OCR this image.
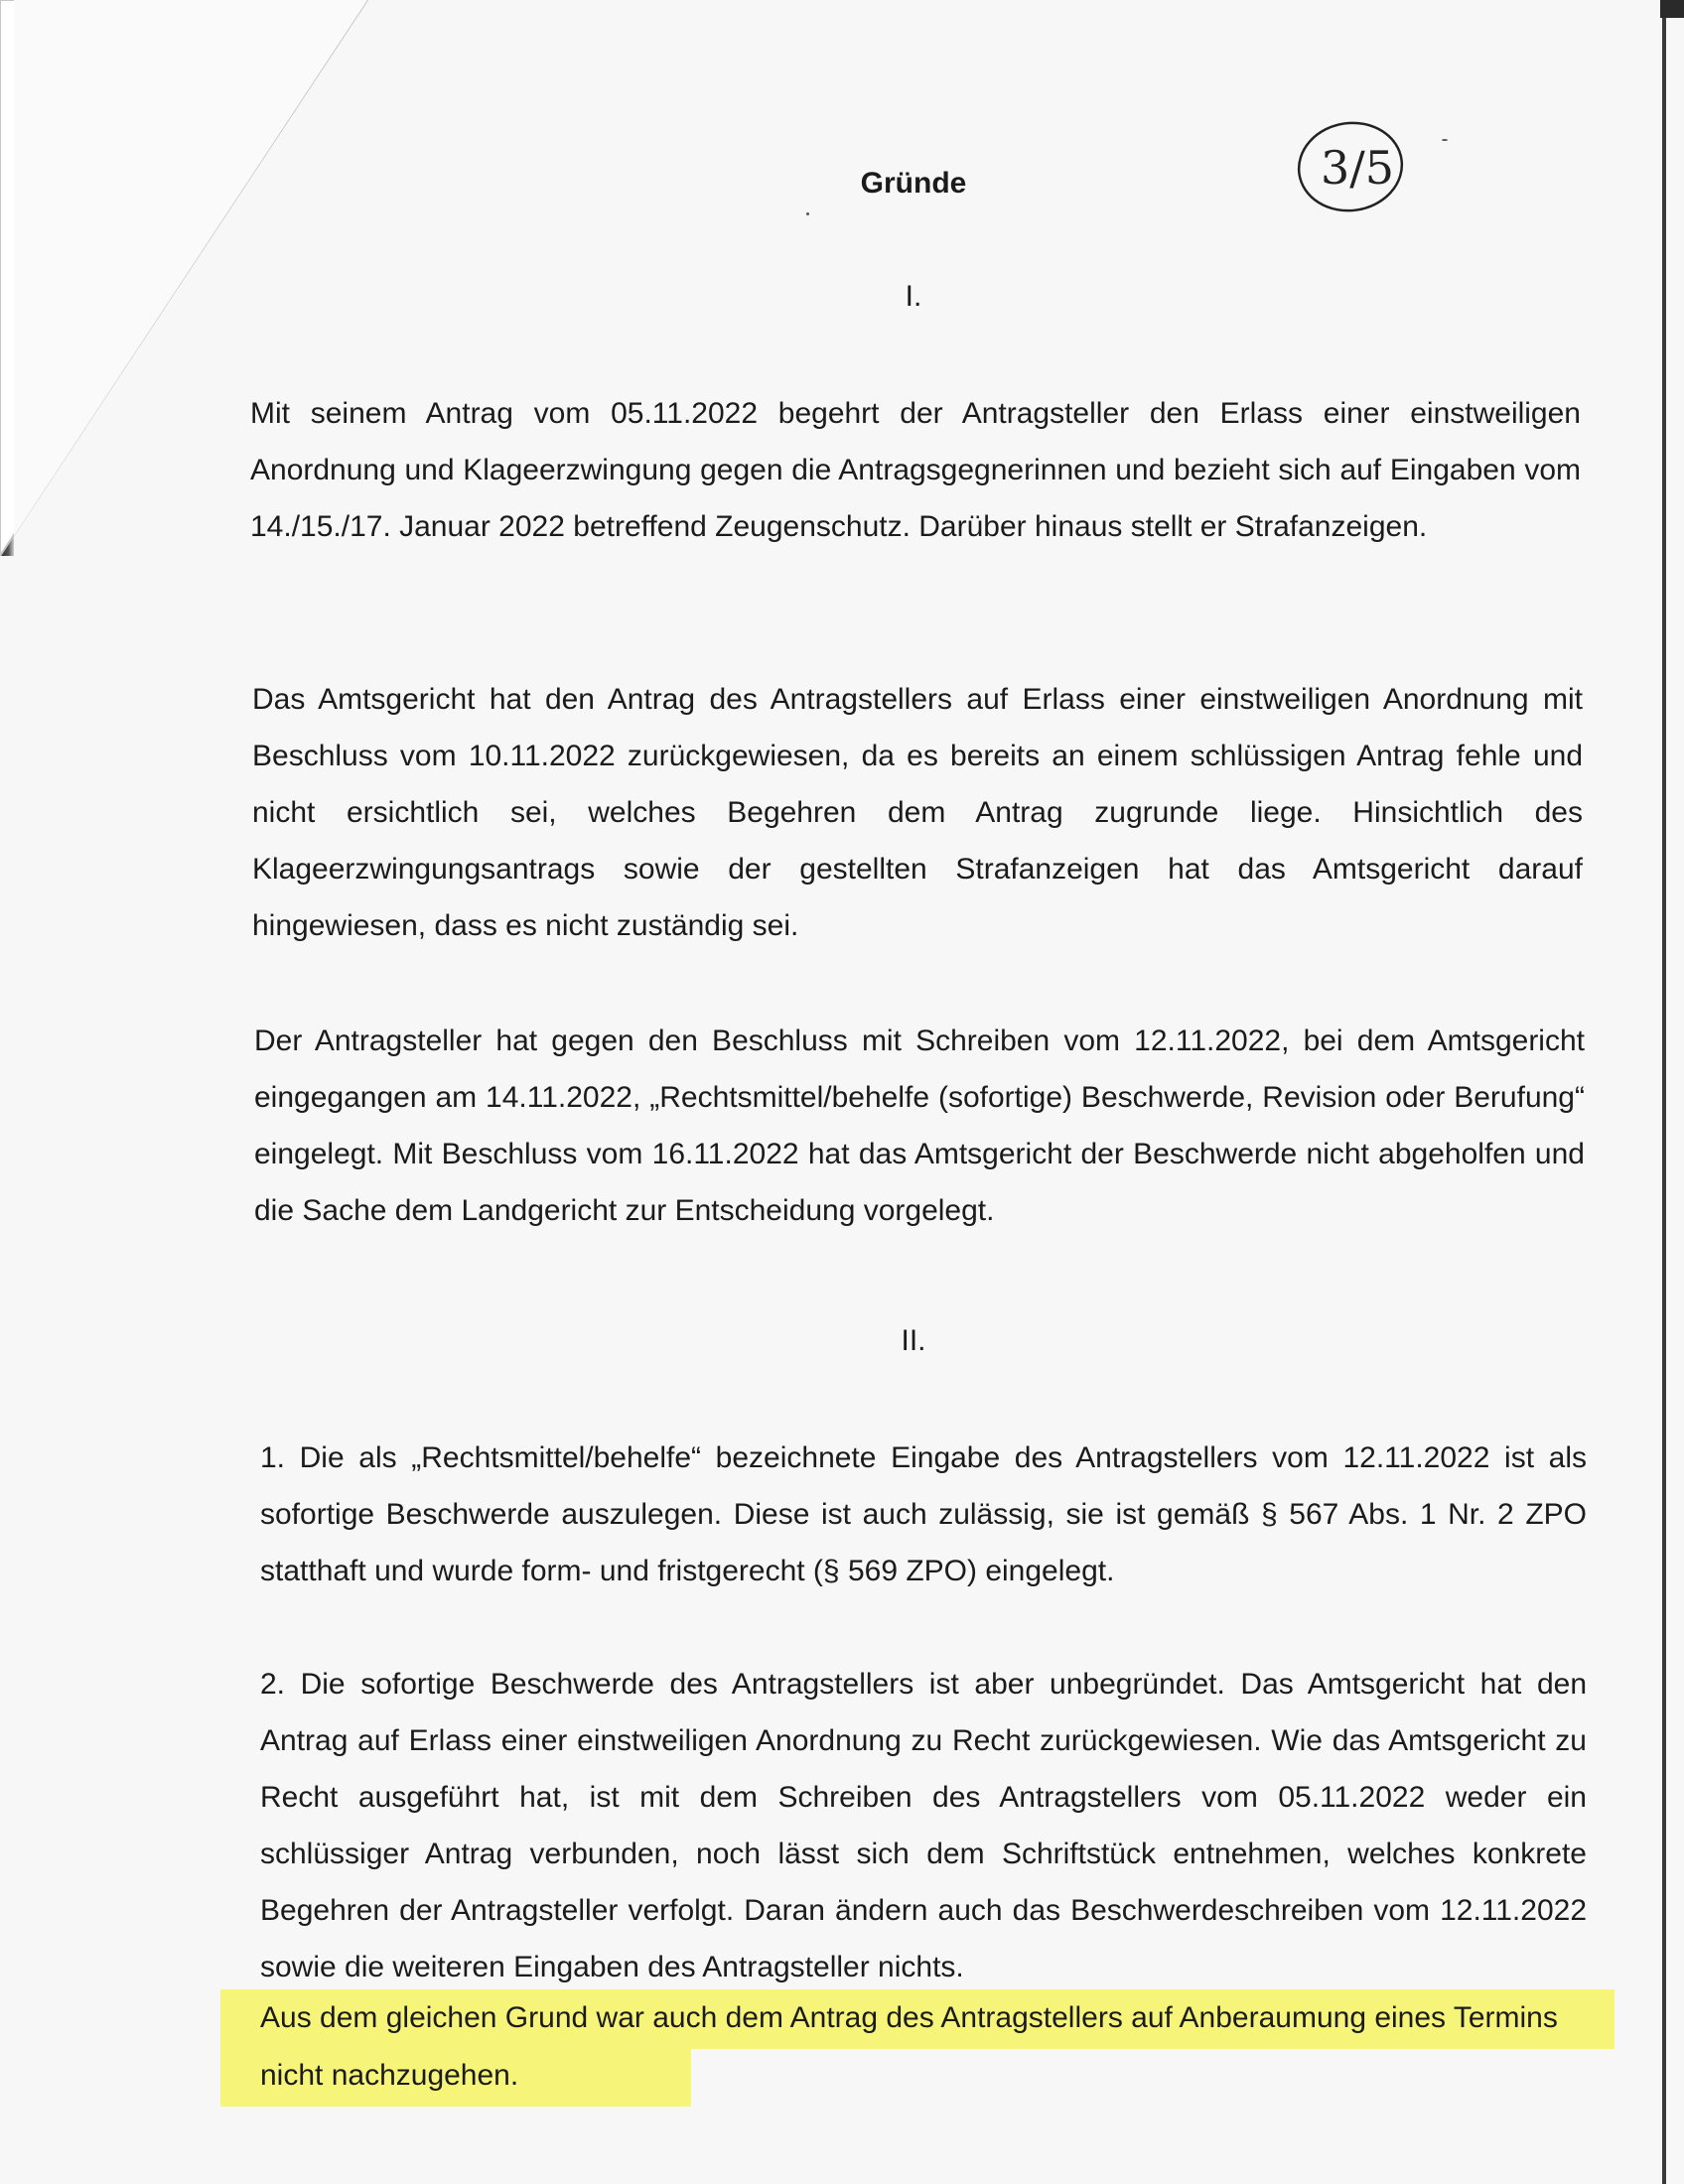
3/5
Gründe
I.

Mit seinem Antrag vom 05.11.2022 begehrt der Antragsteller den Erlass einer einstweiligen Anordnung und Klageerzwingung gegen die Antragsgegnerinnen und bezieht sich auf Eingaben vom 14./15./17. Januar 2022 betreffend Zeugenschutz. Darüber hinaus stellt er Strafanzeigen.

Das Amtsgericht hat den Antrag des Antragstellers auf Erlass einer einstweiligen Anordnung mit Beschluss vom 10.11.2022 zurückgewiesen, da es bereits an einem schlüssigen Antrag fehle und nicht ersichtlich sei, welches Begehren dem Antrag zugrunde liege. Hinsichtlich des Klageerzwingungsantrags sowie der gestellten Strafanzeigen hat das Amtsgericht darauf hingewiesen, dass es nicht zuständig sei.

Der Antragsteller hat gegen den Beschluss mit Schreiben vom 12.11.2022, bei dem Amtsgericht eingegangen am 14.11.2022, „Rechtsmittel/behelfe (sofortige) Beschwerde, Revision oder Berufung“ eingelegt. Mit Beschluss vom 16.11.2022 hat das Amtsgericht der Beschwerde nicht abgeholfen und die Sache dem Landgericht zur Entscheidung vorgelegt.

II.

1. Die als „Rechtsmittel/behelfe“ bezeichnete Eingabe des Antragstellers vom 12.11.2022 ist als sofortige Beschwerde auszulegen. Diese ist auch zulässig, sie ist gemäß § 567 Abs. 1 Nr. 2 ZPO statthaft und wurde form- und fristgerecht (§ 569 ZPO) eingelegt.

2. Die sofortige Beschwerde des Antragstellers ist aber unbegründet. Das Amtsgericht hat den Antrag auf Erlass einer einstweiligen Anordnung zu Recht zurückgewiesen. Wie das Amtsgericht zu Recht ausgeführt hat, ist mit dem Schreiben des Antragstellers vom 05.11.2022 weder ein schlüssiger Antrag verbunden, noch lässt sich dem Schriftstück entnehmen, welches konkrete Begehren der Antragsteller verfolgt. Daran ändern auch das Beschwerdeschreiben vom 12.11.2022 sowie die weiteren Eingaben des Antragsteller nichts.

Aus dem gleichen Grund war auch dem Antrag des Antragstellers auf Anberaumung eines Termins nicht nachzugehen.
